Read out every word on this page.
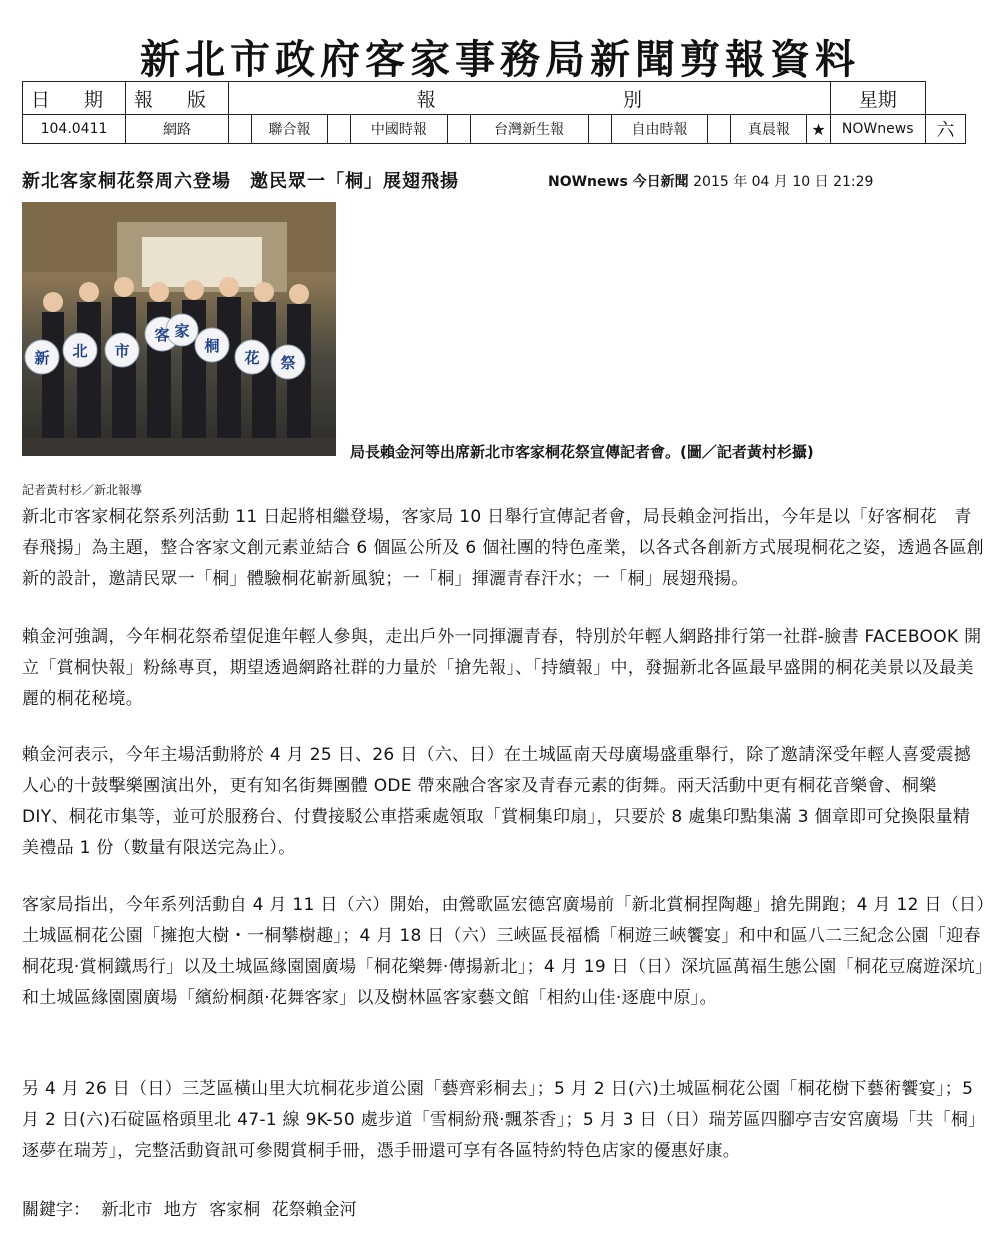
新北市政府客家事務局新聞剪報資料
日 期	報 版	報 別											星期	
104.0411	網路		聯合報		中國時報		台灣新生報		自由時報		真晨報	★	NOWnews	六
新北客家桐花祭周六登場　邀民眾一「桐」展翅飛揚	NOWnews 今日新聞 2015 年 04 月 10 日 21:29
新 北 市
客 家
桐
花 祭
局長賴金河等出席新北市客家桐花祭宣傳記者會。(圖／記者黃村杉攝)
記者黃村杉／新北報導

新北市客家桐花祭系列活動 11 日起將相繼登場，客家局 10 日舉行宣傳記者會，局長賴金河指出，今年是以「好客桐花　青春飛揚」為主題，整合客家文創元素並結合 6 個區公所及 6 個社團的特色產業，以各式各創新方式展現桐花之姿，透過各區創新的設計，邀請民眾一「桐」體驗桐花嶄新風貌；一「桐」揮灑青春汗水；一「桐」展翅飛揚。

賴金河強調，今年桐花祭希望促進年輕人參與，走出戶外一同揮灑青春，特別於年輕人網路排行第一社群-臉書 FACEBOOK 開立「賞桐快報」粉絲專頁，期望透過網路社群的力量於「搶先報」、「持續報」中，發掘新北各區最早盛開的桐花美景以及最美麗的桐花秘境。

賴金河表示，今年主場活動將於 4 月 25 日、26 日（六、日）在土城區南天母廣場盛重舉行，除了邀請深受年輕人喜愛震撼人心的十鼓擊樂團演出外，更有知名街舞團體 ODE 帶來融合客家及青春元素的街舞。兩天活動中更有桐花音樂會、桐樂 DIY、桐花市集等，並可於服務台、付費接駁公車搭乘處領取「賞桐集印扇」，只要於 8 處集印點集滿 3 個章即可兌換限量精美禮品 1 份（數量有限送完為止）。

客家局指出，今年系列活動自 4 月 11 日（六）開始，由鶯歌區宏德宮廣場前「新北賞桐捏陶趣」搶先開跑；4 月 12 日（日）土城區桐花公園「擁抱大樹・一桐攀樹趣」；4 月 18 日（六）三峽區長福橋「桐遊三峽饗宴」和中和區八二三紀念公園「迎春桐花現·賞桐鐵馬行」以及土城區緣園園廣場「桐花樂舞·傳揚新北」；4 月 19 日（日）深坑區萬福生態公園「桐花豆腐遊深坑」和土城區緣園園廣場「繽紛桐顏·花舞客家」以及樹林區客家藝文館「相約山佳·逐鹿中原」。

另 4 月 26 日（日）三芝區橫山里大坑桐花步道公園「藝齊彩桐去」；5 月 2 日(六)土城區桐花公園「桐花樹下藝術饗宴」；5 月 2 日(六)石碇區格頭里北 47-1 線 9K-50 處步道「雪桐紛飛·飄茶香」；5 月 3 日（日）瑞芳區四腳亭吉安宮廣場「共「桐」逐夢在瑞芳」，完整活動資訊可參閱賞桐手冊，憑手冊還可享有各區特約特色店家的優惠好康。

關鍵字： 新北市 地方 客家桐 花祭賴金河
